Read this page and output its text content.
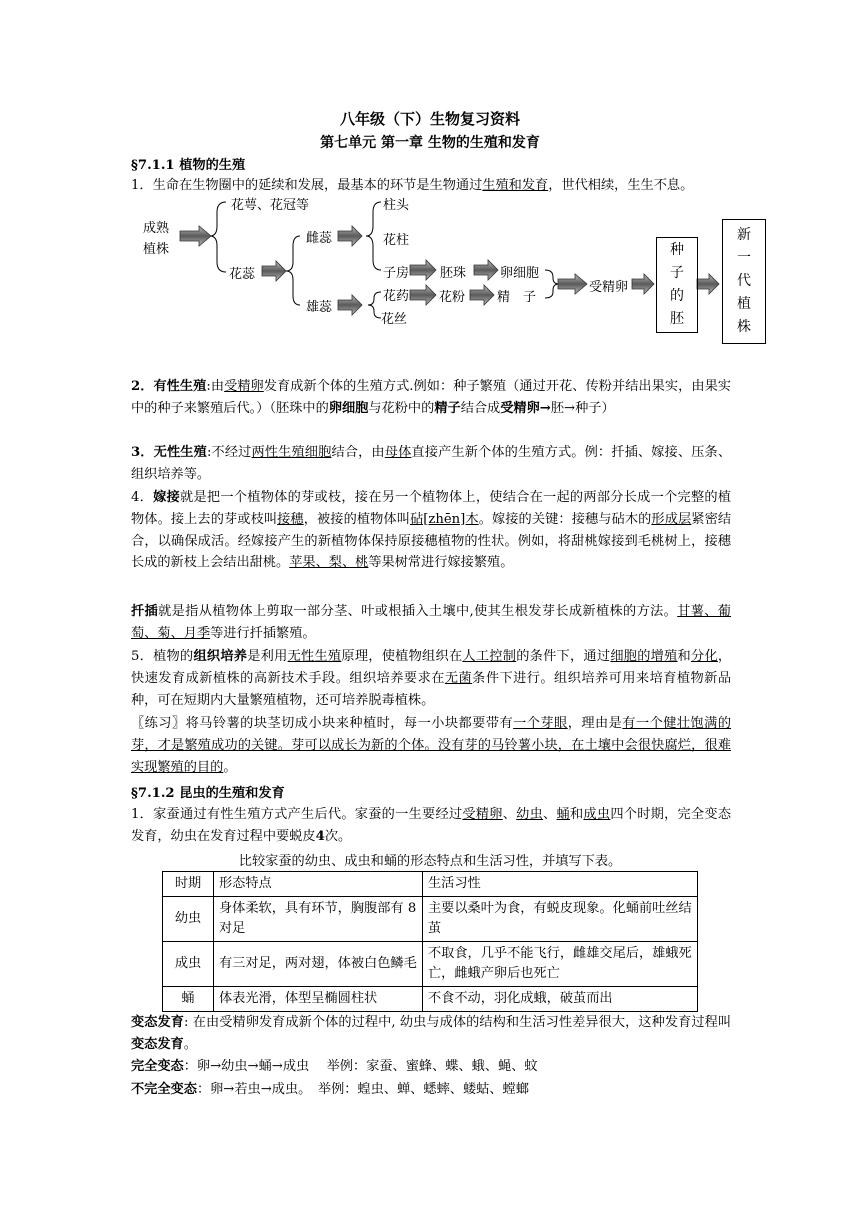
八年级（下）生物复习资料
第七单元 第一章 生物的生殖和发育
§7.1.1 植物的生殖
1．生命在生物圈中的延续和发展，最基本的环节是生物通过生殖和发育，世代相续，生生不息。
成熟
植株
花萼、花冠等
花蕊
雌蕊
雄蕊
柱头
花柱
子房 胚珠	卵细胞
花药 花粉 精　子
花丝
受精卵
种
子
的
胚
新
一
代
植
株
2．有性生殖:由受精卵发育成新个体的生殖方式.例如：种子繁殖（通过开花、传粉并结出果实，由果实中的种子来繁殖后代。）（胚珠中的卵细胞与花粉中的精子结合成受精卵→胚→种子）
3．无性生殖:不经过两性生殖细胞结合，由母体直接产生新个体的生殖方式。例：扦插、嫁接、压条、组织培养等。
4．嫁接就是把一个植物体的芽或枝，接在另一个植物体上，使结合在一起的两部分长成一个完整的植物体。接上去的芽或枝叫接穗，被接的植物体叫砧[zhēn]木。嫁接的关键：接穗与砧木的形成层紧密结合，以确保成活。经嫁接产生的新植物体保持原接穗植物的性状。例如，将甜桃嫁接到毛桃树上，接穗长成的新枝上会结出甜桃。苹果、梨、桃等果树常进行嫁接繁殖。
扦插就是指从植物体上剪取一部分茎、叶或根插入土壤中,使其生根发芽长成新植株的方法。甘薯、葡萄、菊、月季等进行扦插繁殖。
5．植物的组织培养是利用无性生殖原理，使植物组织在人工控制的条件下，通过细胞的增殖和分化，快速发育成新植株的高新技术手段。组织培养要求在无菌条件下进行。组织培养可用来培育植物新品种，可在短期内大量繁殖植物，还可培养脱毒植株。
〖练习〗将马铃薯的块茎切成小块来种植时，每一小块都要带有一个芽眼，理由是有一个健壮饱满的芽，才是繁殖成功的关键。芽可以成长为新的个体。没有芽的马铃薯小块，在土壤中会很快腐烂，很难实现繁殖的目的。
§7.1.2 昆虫的生殖和发育
1．家蚕通过有性生殖方式产生后代。家蚕的一生要经过受精卵、幼虫、蛹和成虫四个时期，完全变态发育，幼虫在发育过程中要蜕皮4次。
比较家蚕的幼虫、成虫和蛹的形态特点和生活习性，并填写下表。
时期	形态特点	生活习性
幼虫	身体柔软，具有环节，胸腹部有 8 对足	主要以桑叶为食，有蜕皮现象。化蛹前吐丝结茧
成虫	有三对足，两对翅，体被白色鳞毛	不取食，几乎不能飞行，雌雄交尾后，雄蛾死亡，雌蛾产卵后也死亡
蛹	体表光滑，体型呈椭圆柱状	不食不动，羽化成蛾，破茧而出
变态发育: 在由受精卵发育成新个体的过程中, 幼虫与成体的结构和生活习性差异很大，这种发育过程叫变态发育。
完全变态：卵→幼虫→蛹→成虫　 举例：家蚕、蜜蜂、蝶、蛾、蝇、蚊
不完全变态：卵→若虫→成虫。　举例：蝗虫、蝉、蟋蟀、蝼蛄、螳螂
